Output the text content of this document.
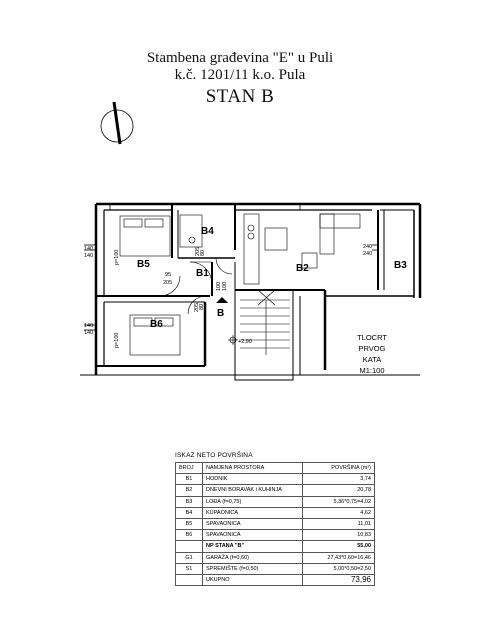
Stambena građevina "E" u Puli
k.č. 1201/11 k.o. Pula
STAN B
B5
B4
B1	B2	B3
B6
B
140
140
140
140
240
240
95
205
205 80
205 80
100 100
p=100
p=100
+2,90	TLOCRT
PRVOG
KATA
M1:100
ISKAZ NETO POVRŠINA
BROJ	NAMJENA PROSTORA	POVRŠINA (m²)
B1	HODNIK	3,74
B2	DNEVNI BORAVAK i KUHINJA	20,78
B3	LOĐA (f=0,75)	5,36*0,75=4,02
B4	KUPAONICA	4,62
B5	SPAVAONICA	11,01
B6	SPAVAONICA	10,83
	NP STANA "B"	55,00
G1	GARAŽA (f=0,60)	27,43*0,60=16,46
S1	SPREMIŠTE (f=0,50)	5,00*0,50=2,50
	UKUPNO	73,96
